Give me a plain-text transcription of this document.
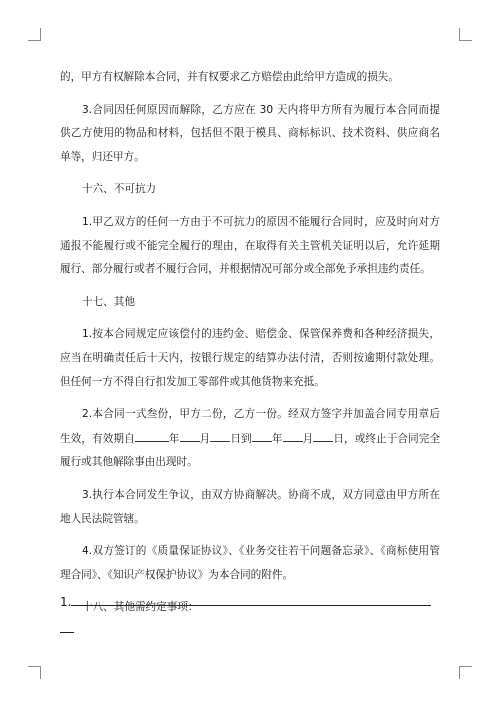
的，甲方有权解除本合同，并有权要求乙方赔偿由此给甲方造成的损失。

3.合同因任何原因而解除，乙方应在 30 天内将甲方所有为履行本合同而提供乙方使用的物品和材料，包括但不限于模具、商标标识、技术资料、供应商名单等，归还甲方。

十六、不可抗力

1.甲乙双方的任何一方由于不可抗力的原因不能履行合同时，应及时向对方通报不能履行或不能完全履行的理由，在取得有关主管机关证明以后，允许延期履行、部分履行或者不履行合同，并根据情况可部分或全部免予承担违约责任。

十七、其他

1.按本合同规定应该偿付的违约金、赔偿金、保管保养费和各种经济损失，应当在明确责任后十天内，按银行规定的结算办法付清，否则按逾期付款处理。但任何一方不得自行扣发加工零部件或其他货物来充抵。

2.本合同一式叁份，甲方二份，乙方一份。经双方签字并加盖合同专用章后生效，有效期自	年 月 日到 年 月 日，或终止于合同完全履行或其他解除事由出现时。

3.执行本合同发生争议，由双方协商解决。协商不成，双方同意由甲方所在地人民法院管辖。

4.双方签订的《质量保证协议》、《业务交往若干问题备忘录》、《商标使用管理合同》、《知识产权保护协议》为本合同的附件。

十八、其他需约定事项：

1.
